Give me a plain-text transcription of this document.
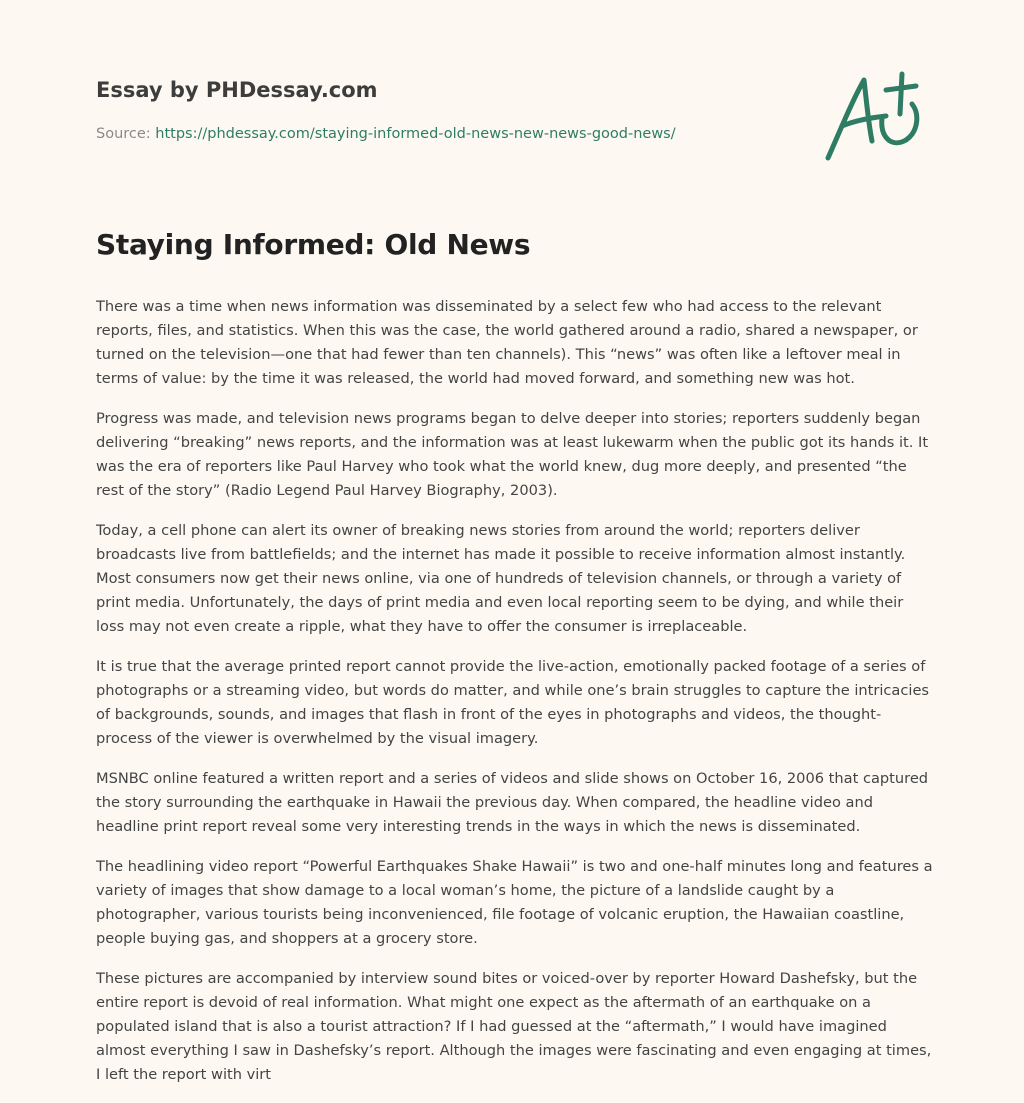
Essay by PHDessay.com
Source: https://phdessay.com/staying-informed-old-news-new-news-good-news/
Staying Informed: Old News

There was a time when news information was disseminated by a select few who had access to the relevant reports, files, and statistics. When this was the case, the world gathered around a radio, shared a newspaper, or turned on the television—one that had fewer than ten channels). This “news” was often like a leftover meal in terms of value: by the time it was released, the world had moved forward, and something new was hot.

Progress was made, and television news programs began to delve deeper into stories; reporters suddenly began delivering “breaking” news reports, and the information was at least lukewarm when the public got its hands it. It was the era of reporters like Paul Harvey who took what the world knew, dug more deeply, and presented “the rest of the story” (Radio Legend Paul Harvey Biography, 2003).

Today, a cell phone can alert its owner of breaking news stories from around the world; reporters deliver broadcasts live from battlefields; and the internet has made it possible to receive information almost instantly. Most consumers now get their news online, via one of hundreds of television channels, or through a variety of print media. Unfortunately, the days of print media and even local reporting seem to be dying, and while their loss may not even create a ripple, what they have to offer the consumer is irreplaceable.

It is true that the average printed report cannot provide the live-action, emotionally packed footage of a series of photographs or a streaming video, but words do matter, and while one’s brain struggles to capture the intricacies of backgrounds, sounds, and images that flash in front of the eyes in photographs and videos, the thought-process of the viewer is overwhelmed by the visual imagery.

MSNBC online featured a written report and a series of videos and slide shows on October 16, 2006 that captured the story surrounding the earthquake in Hawaii the previous day. When compared, the headline video and headline print report reveal some very interesting trends in the ways in which the news is disseminated.

The headlining video report “Powerful Earthquakes Shake Hawaii” is two and one-half minutes long and features a variety of images that show damage to a local woman’s home, the picture of a landslide caught by a photographer, various tourists being inconvenienced, file footage of volcanic eruption, the Hawaiian coastline, people buying gas, and shoppers at a grocery store.

These pictures are accompanied by interview sound bites or voiced-over by reporter Howard Dashefsky, but the entire report is devoid of real information. What might one expect as the aftermath of an earthquake on a populated island that is also a tourist attraction? If I had guessed at the “aftermath,” I would have imagined almost everything I saw in Dashefsky’s report. Although the images were fascinating and even engaging at times, I left the report with virt
